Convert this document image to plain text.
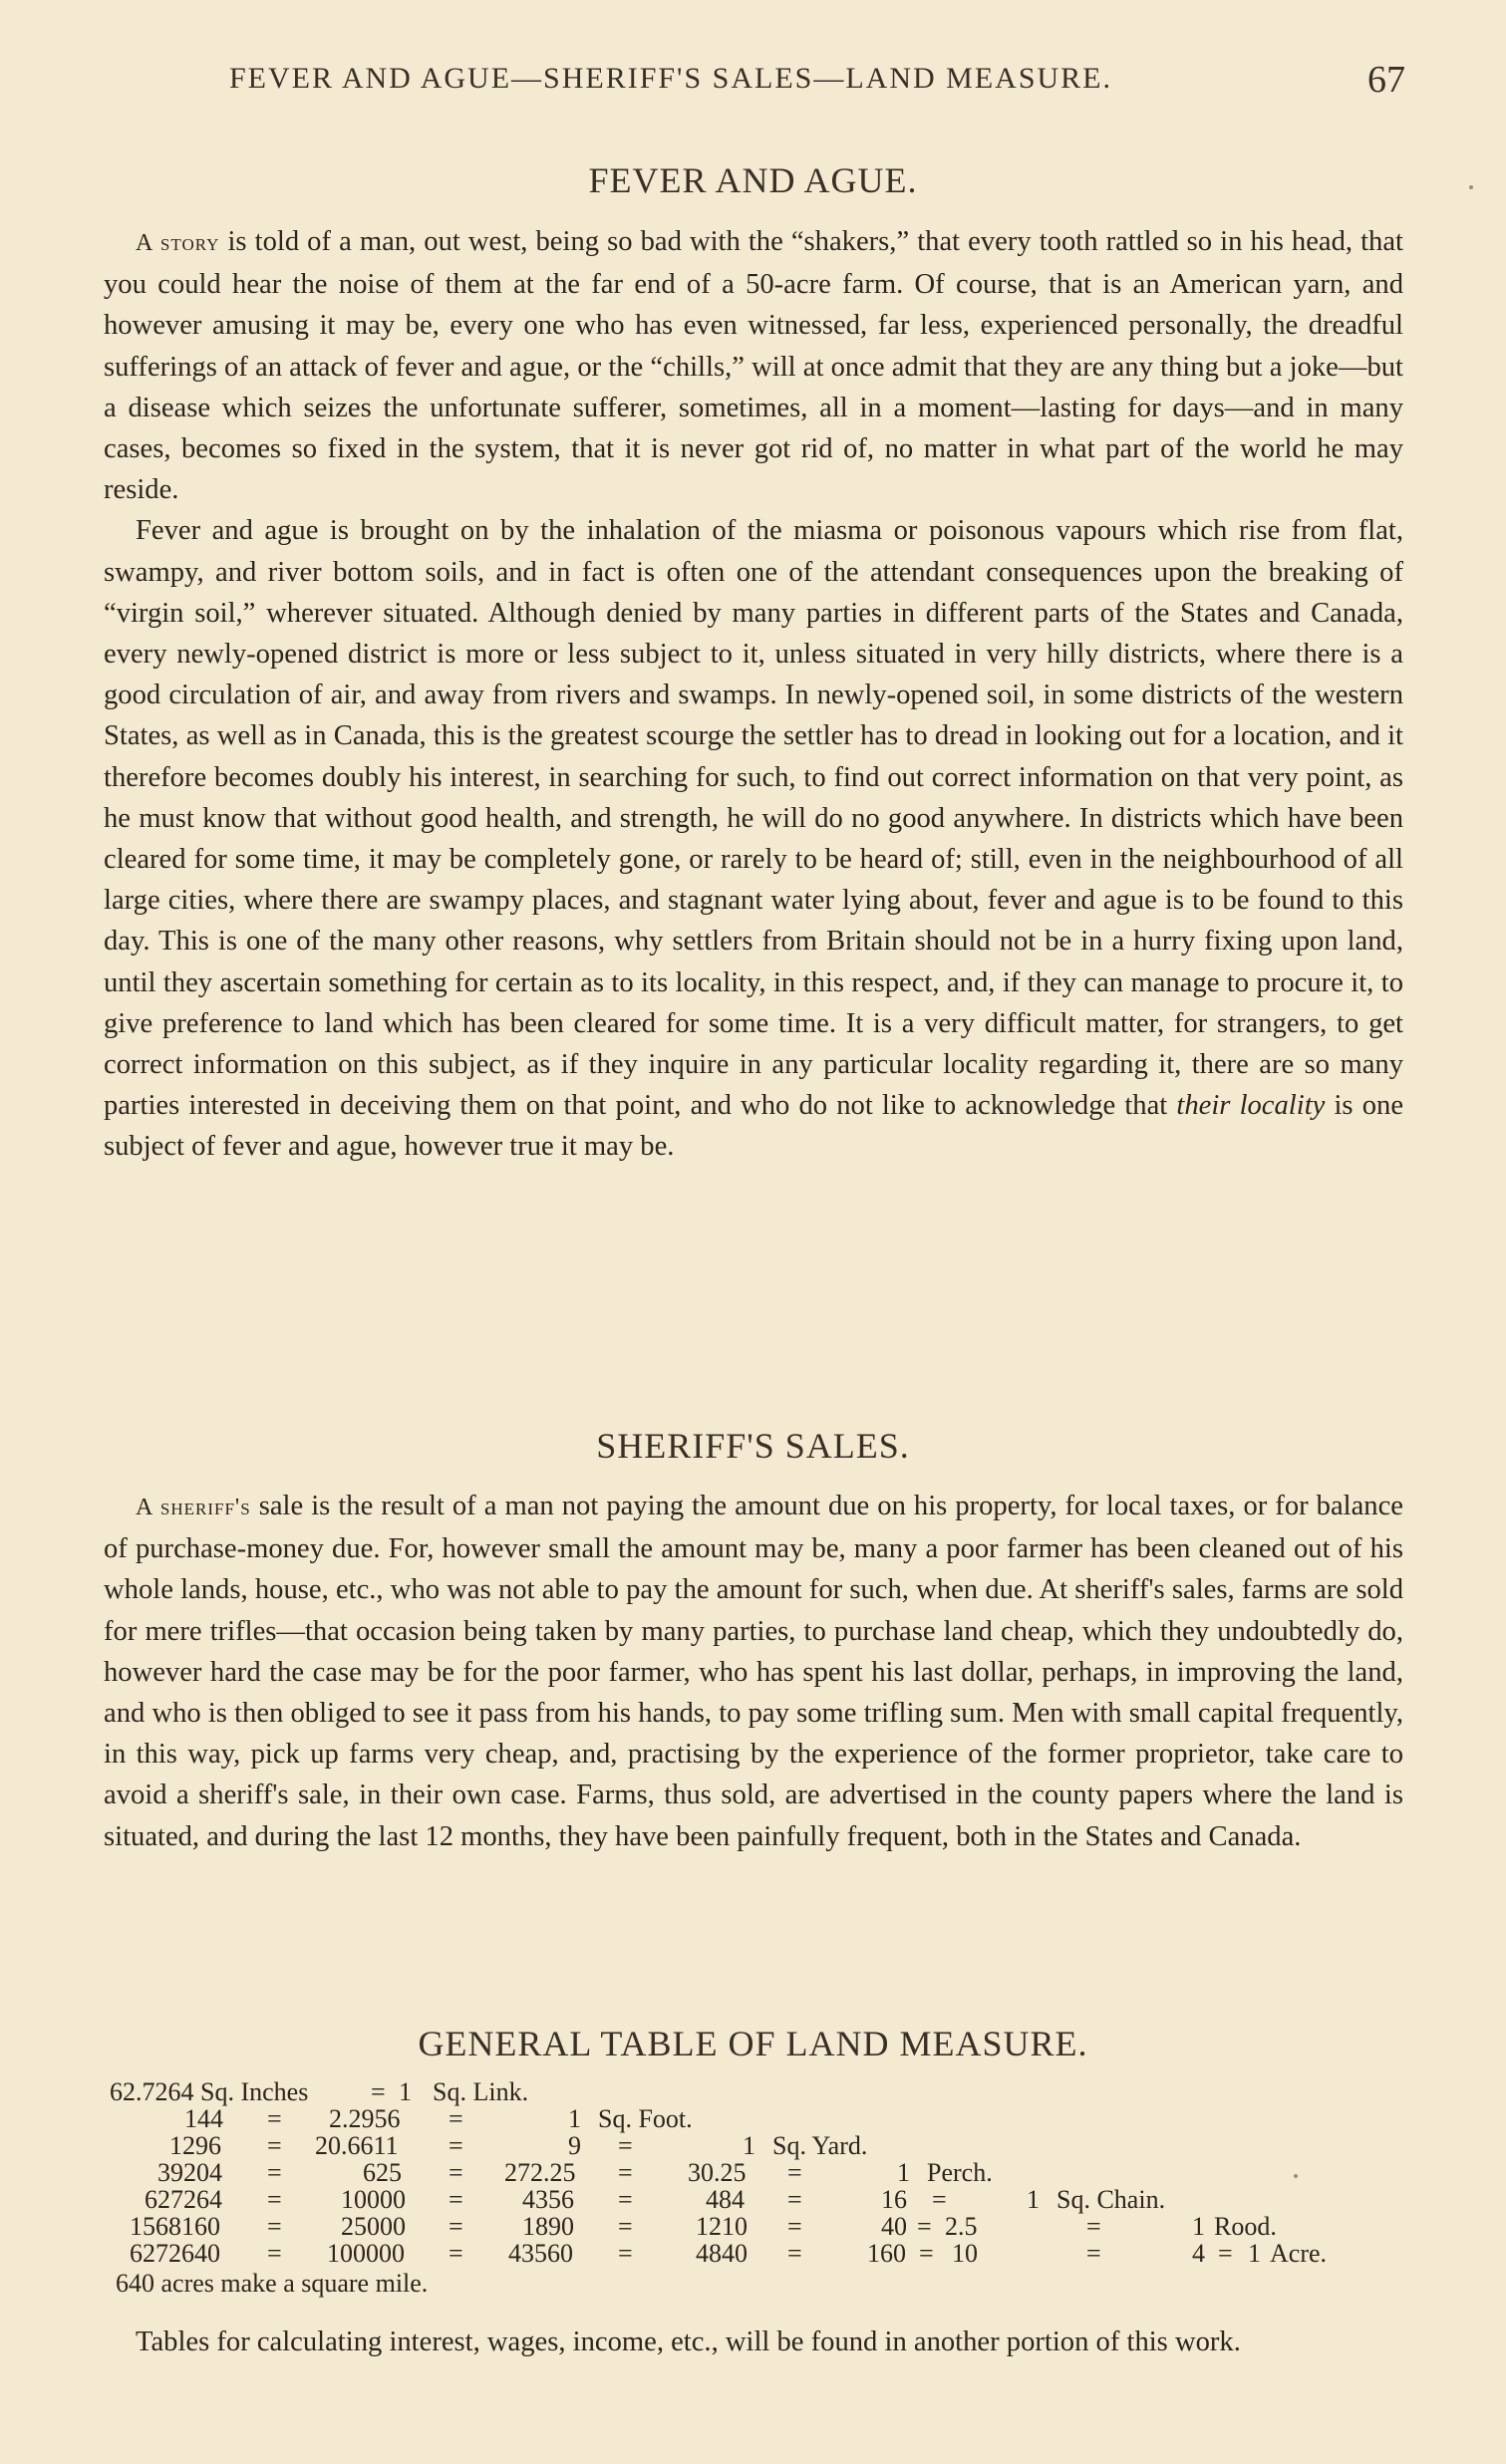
FEVER AND AGUE—SHERIFF'S SALES—LAND MEASURE.	67
FEVER AND AGUE.

A story is told of a man, out west, being so bad with the “shakers,” that every tooth rattled so in his head, that you could hear the noise of them at the far end of a 50-acre farm. Of course, that is an American yarn, and however amusing it may be, every one who has even witnessed, far less, experienced personally, the dreadful sufferings of an attack of fever and ague, or the “chills,” will at once admit that they are any thing but a joke—but a disease which seizes the unfortunate sufferer, sometimes, all in a moment—lasting for days—and in many cases, becomes so fixed in the system, that it is never got rid of, no matter in what part of the world he may reside.

Fever and ague is brought on by the inhalation of the miasma or poisonous vapours which rise from flat, swampy, and river bottom soils, and in fact is often one of the attendant consequences upon the breaking of “virgin soil,” wherever situated. Although denied by many parties in different parts of the States and Canada, every newly-opened district is more or less subject to it, unless situated in very hilly districts, where there is a good circulation of air, and away from rivers and swamps. In newly-opened soil, in some districts of the western States, as well as in Canada, this is the greatest scourge the settler has to dread in looking out for a location, and it therefore becomes doubly his interest, in searching for such, to find out correct information on that very point, as he must know that without good health, and strength, he will do no good anywhere. In districts which have been cleared for some time, it may be completely gone, or rarely to be heard of; still, even in the neighbourhood of all large cities, where there are swampy places, and stagnant water lying about, fever and ague is to be found to this day. This is one of the many other reasons, why settlers from Britain should not be in a hurry fixing upon land, until they ascertain something for certain as to its locality, in this respect, and, if they can manage to procure it, to give preference to land which has been cleared for some time. It is a very difficult matter, for strangers, to get correct information on this subject, as if they inquire in any particular locality regarding it, there are so many parties interested in deceiving them on that point, and who do not like to acknowledge that their locality is one subject of fever and ague, however true it may be.

SHERIFF'S SALES.

A sheriff's sale is the result of a man not paying the amount due on his property, for local taxes, or for balance of purchase-money due. For, however small the amount may be, many a poor farmer has been cleaned out of his whole lands, house, etc., who was not able to pay the amount for such, when due. At sheriff's sales, farms are sold for mere trifles—that occasion being taken by many parties, to purchase land cheap, which they undoubtedly do, however hard the case may be for the poor farmer, who has spent his last dollar, perhaps, in improving the land, and who is then obliged to see it pass from his hands, to pay some trifling sum. Men with small capital frequently, in this way, pick up farms very cheap, and, practising by the experience of the former proprietor, take care to avoid a sheriff's sale, in their own case. Farms, thus sold, are advertised in the county papers where the land is situated, and during the last 12 months, they have been painfully frequent, both in the States and Canada.

GENERAL TABLE OF LAND MEASURE.
62.7264 Sq. Inches = 1 Sq. Link.
144 = 2.2956 =	1 Sq. Foot.
1296 = 20.6611 =	9 =	1 Sq. Yard.
39204 =	625 = 272.25 = 30.25 =	1 Perch.
627264 = 10000 = 4356 =	484 =	16 =	1 Sq. Chain.
1568160 = 25000 = 1890 = 1210 =	40 = 2.5	=	1 Rood.
6272640 = 100000 = 43560 = 4840 =	160 = 10	=	4 = 1 Acre.
640 acres make a square mile.

Tables for calculating interest, wages, income, etc., will be found in another portion of this work.
